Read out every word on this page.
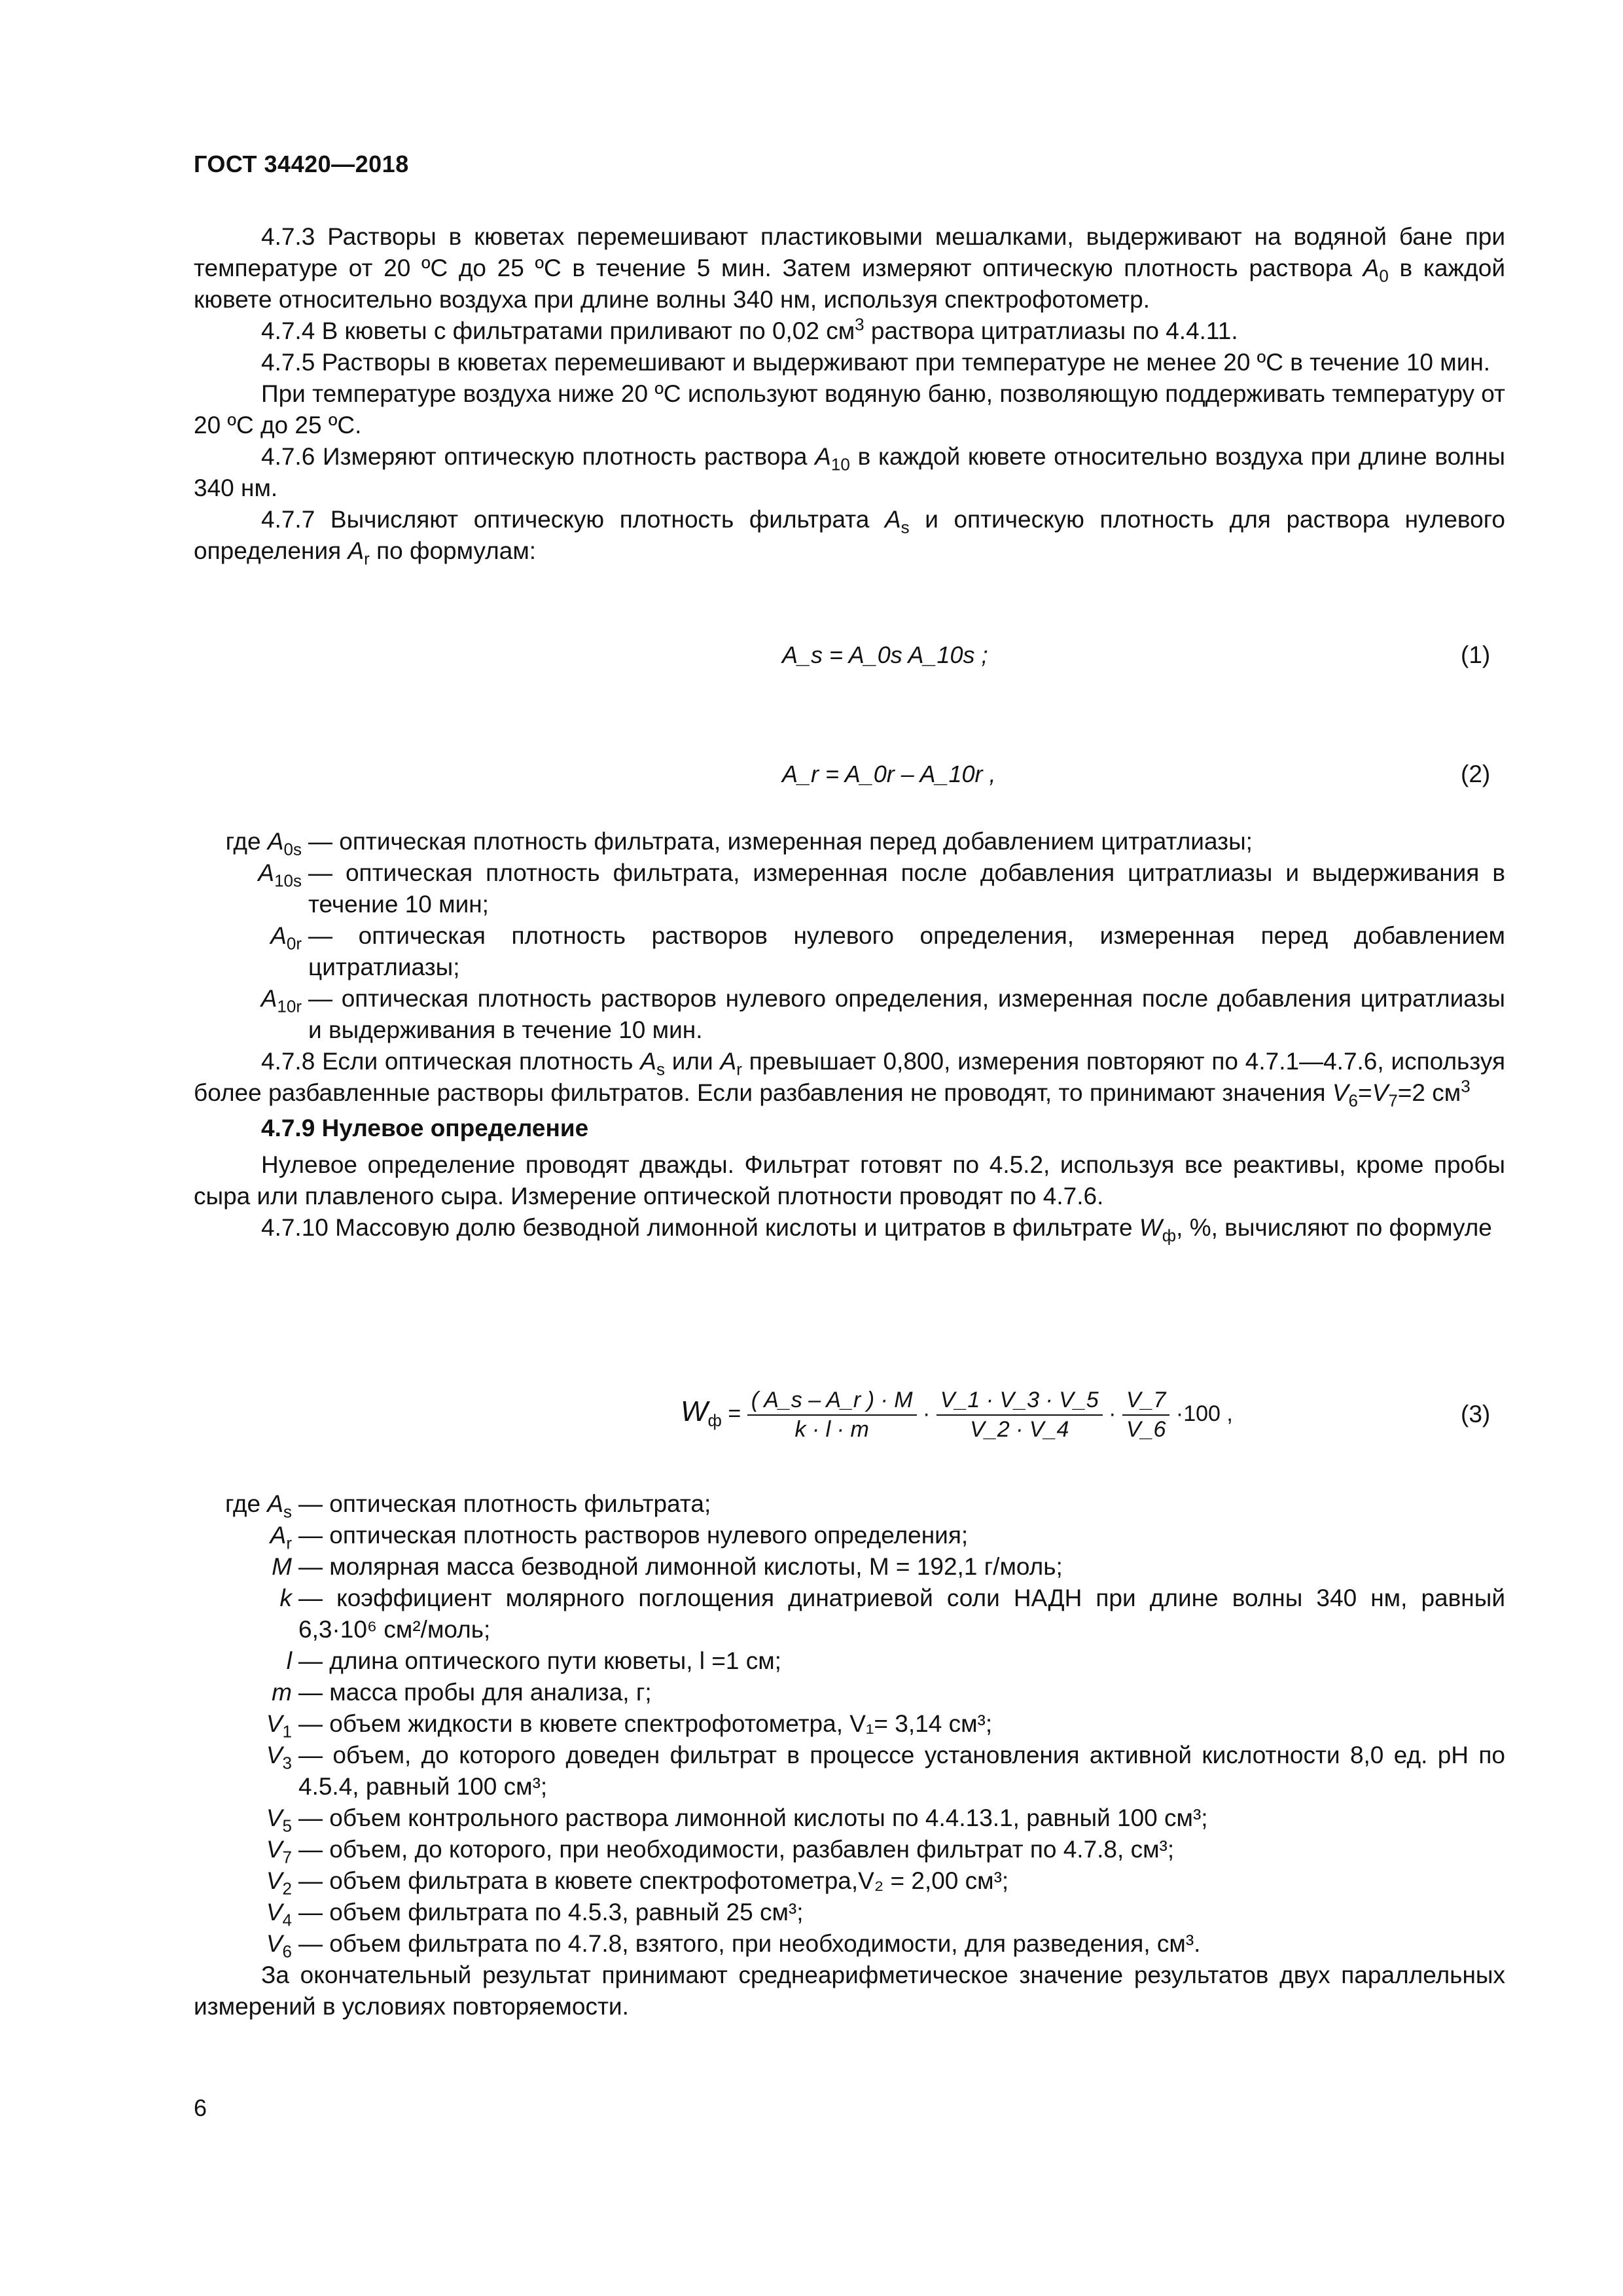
ГОСТ 34420—2018

4.7.3 Растворы в кюветах перемешивают пластиковыми мешалками, выдерживают на водяной бане при температуре от 20 ºС до 25 ºС в течение 5 мин. Затем измеряют оптическую плотность раствора $A_0$ в каждой кювете относительно воздуха при длине волны 340 нм, используя спектрофотометр.

4.7.4 В кюветы с фильтратами приливают по 0,02 $см^3$ раствора цитратлиазы по 4.4.11.

4.7.5 Растворы в кюветах перемешивают и выдерживают при температуре не менее 20 ºС в течение 10 мин.

При температуре воздуха ниже 20 ºС используют водяную баню, позволяющую поддерживать температуру от 20 ºС до 25 ºС.

4.7.6 Измеряют оптическую плотность раствора $A_{10}$ в каждой кювете относительно воздуха при длине волны 340 нм.

4.7.7 Вычисляют оптическую плотность фильтрата $A_s$ и оптическую плотность для раствора нулевого определения $A_r$ по формулам:

A_s = A_0s A_10s ;	(1)
A_r = A_0r – A_10r ,	(2)
где $A_{0s}$ — оптическая плотность фильтрата, измеренная перед добавлением цитратлиазы;
$A_{10s}$ — оптическая плотность фильтрата, измеренная после добавления цитратлиазы и выдерживания в течение 10 мин;
$A_{0r}$ — оптическая плотность растворов нулевого определения, измеренная перед добавлением цитратлиазы;
$A_{10r}$ — оптическая плотность растворов нулевого определения, измеренная после добавления цитратлиазы и выдерживания в течение 10 мин.

4.7.8 Если оптическая плотность $A_s$ или $A_r$ превышает 0,800, измерения повторяют по 4.7.1—4.7.6, используя более разбавленные растворы фильтратов. Если разбавления не проводят, то принимают значения $V_6=V_7=2$ $см^3$

4.7.9 Нулевое определение

Нулевое определение проводят дважды. Фильтрат готовят по 4.5.2, используя все реактивы, кроме пробы сыра или плавленого сыра. Измерение оптической плотности проводят по 4.7.6.

4.7.10 Массовую долю безводной лимонной кислоты и цитратов в фильтрате $W_ф$, %, вычисляют по формуле

$W_ф = \frac{( A\_s - A\_r ) \cdot M}{k \cdot l \cdot m} \cdot \frac{V\_1 \cdot V\_3 \cdot V\_5}{V\_2 \cdot V\_4} \cdot \frac{V\_7}{V\_6} \cdot 100$ ,	(3)
где $A_s$ — оптическая плотность фильтрата;
$A_r$ — оптическая плотность растворов нулевого определения;
M — молярная масса безводной лимонной кислоты, M = 192,1 г/моль;
k — коэффициент молярного поглощения динатриевой соли НАДН при длине волны 340 нм, равный 6,3·10⁶ см²/моль;
l — длина оптического пути кюветы, l =1 см;
m — масса пробы для анализа, г;
$V_1$ — объем жидкости в кювете спектрофотометра, V₁= 3,14 см³;
$V_3$ — объем, до которого доведен фильтрат в процессе установления активной кислотности 8,0 ед. рН по 4.5.4, равный 100 см³;
$V_5$ — объем контрольного раствора лимонной кислоты по 4.4.13.1, равный 100 см³;
$V_7$ — объем, до которого, при необходимости, разбавлен фильтрат по 4.7.8, см³;
$V_2$ — объем фильтрата в кювете спектрофотометра,V₂ = 2,00 см³;
$V_4$ — объем фильтрата по 4.5.3, равный 25 см³;
$V_6$ — объем фильтрата по 4.7.8, взятого, при необходимости, для разведения, см³.

За окончательный результат принимают среднеарифметическое значение результатов двух параллельных измерений в условиях повторяемости.

6
